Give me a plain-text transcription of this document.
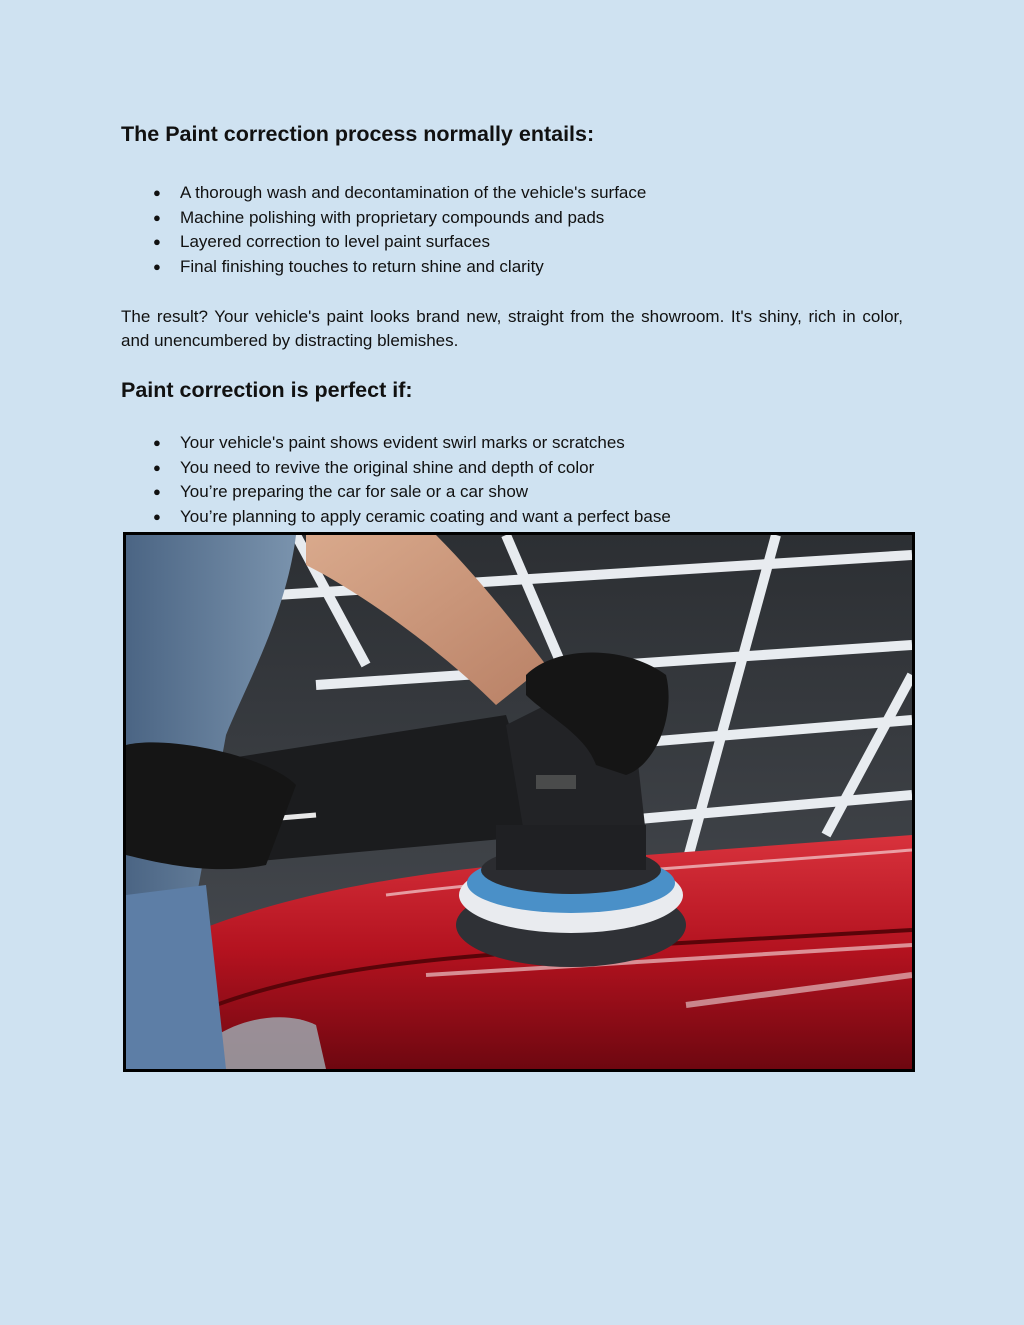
The Paint correction process normally entails:
● A thorough wash and decontamination of the vehicle's surface
● Machine polishing with proprietary compounds and pads
● Layered correction to level paint surfaces
● Final finishing touches to return shine and clarity

The result? Your vehicle's paint looks brand new, straight from the showroom. It's shiny, rich in color, and unencumbered by distracting blemishes.

Paint correction is perfect if:
● Your vehicle's paint shows evident swirl marks or scratches
● You need to revive the original shine and depth of color
● You’re preparing the car for sale or a car show
● You’re planning to apply ceramic coating and want a perfect base
